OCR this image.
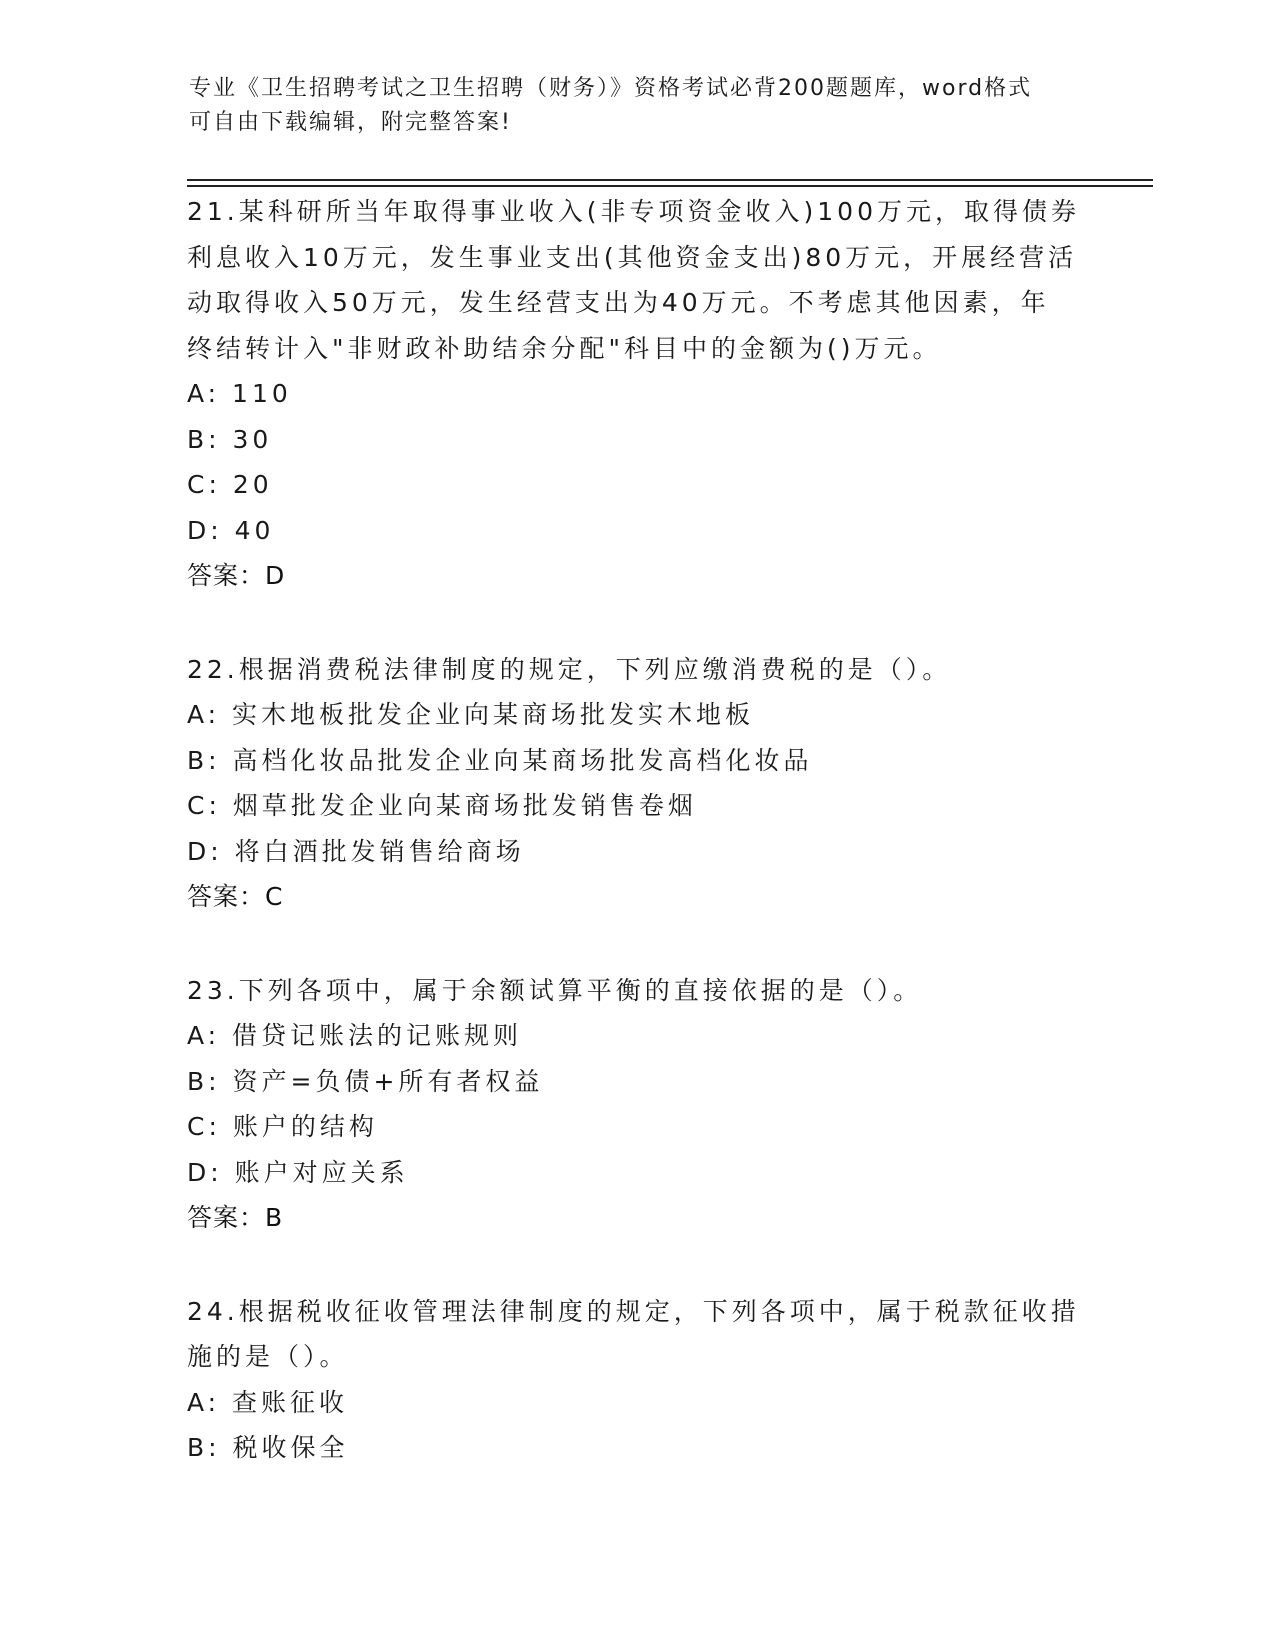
专业《卫生招聘考试之卫生招聘（财务）》资格考试必背200题题库，word格式
可自由下载编辑，附完整答案!
21.某科研所当年取得事业收入(非专项资金收入)100万元，取得债券
利息收入10万元，发生事业支出(其他资金支出)80万元，开展经营活
动取得收入50万元，发生经营支出为40万元。不考虑其他因素，年
终结转计入"非财政补助结余分配"科目中的金额为()万元。
A: 110
B: 30
C: 20
D: 40
答案：D
22.根据消费税法律制度的规定，下列应缴消费税的是（）。
A: 实木地板批发企业向某商场批发实木地板
B: 高档化妆品批发企业向某商场批发高档化妆品
C: 烟草批发企业向某商场批发销售卷烟
D: 将白酒批发销售给商场
答案：C
23.下列各项中，属于余额试算平衡的直接依据的是（）。
A: 借贷记账法的记账规则
B: 资产=负债+所有者权益
C: 账户的结构
D: 账户对应关系
答案：B
24.根据税收征收管理法律制度的规定，下列各项中，属于税款征收措
施的是（）。
A: 查账征收
B: 税收保全
